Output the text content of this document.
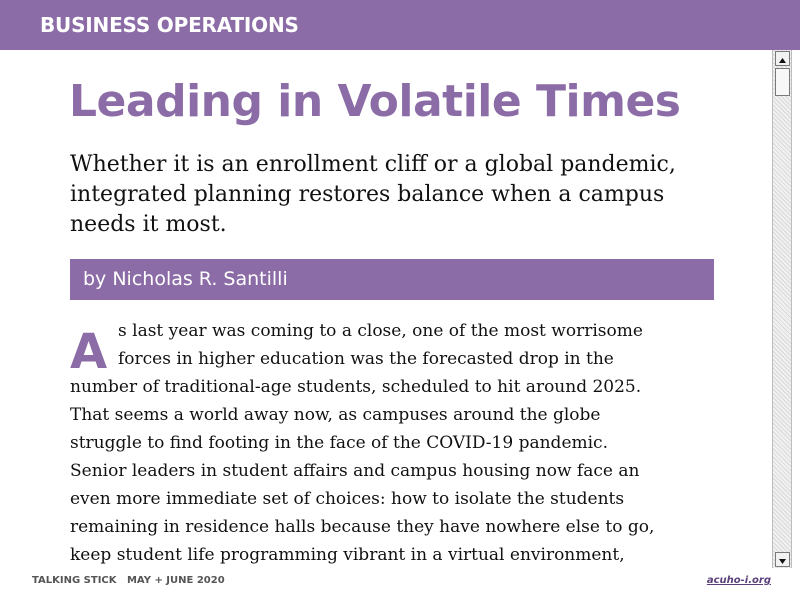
BUSINESS OPERATIONS
Leading in Volatile Times

Whether it is an enrollment cliff or a global pandemic, integrated planning restores balance when a campus needs it most.

by Nicholas R. Santilli
A s last year was coming to a close, one of the most worrisome
forces in higher education was the forecasted drop in the
number of traditional-age students, scheduled to hit around 2025.
That seems a world away now, as campuses around the globe
struggle to find footing in the face of the COVID-19 pandemic.
Senior leaders in student affairs and campus housing now face an
even more immediate set of choices: how to isolate the students
remaining in residence halls because they have nowhere else to go,
keep student life programming vibrant in a virtual environment,
TALKING STICK MAY + JUNE 2020	acuho-i.org
